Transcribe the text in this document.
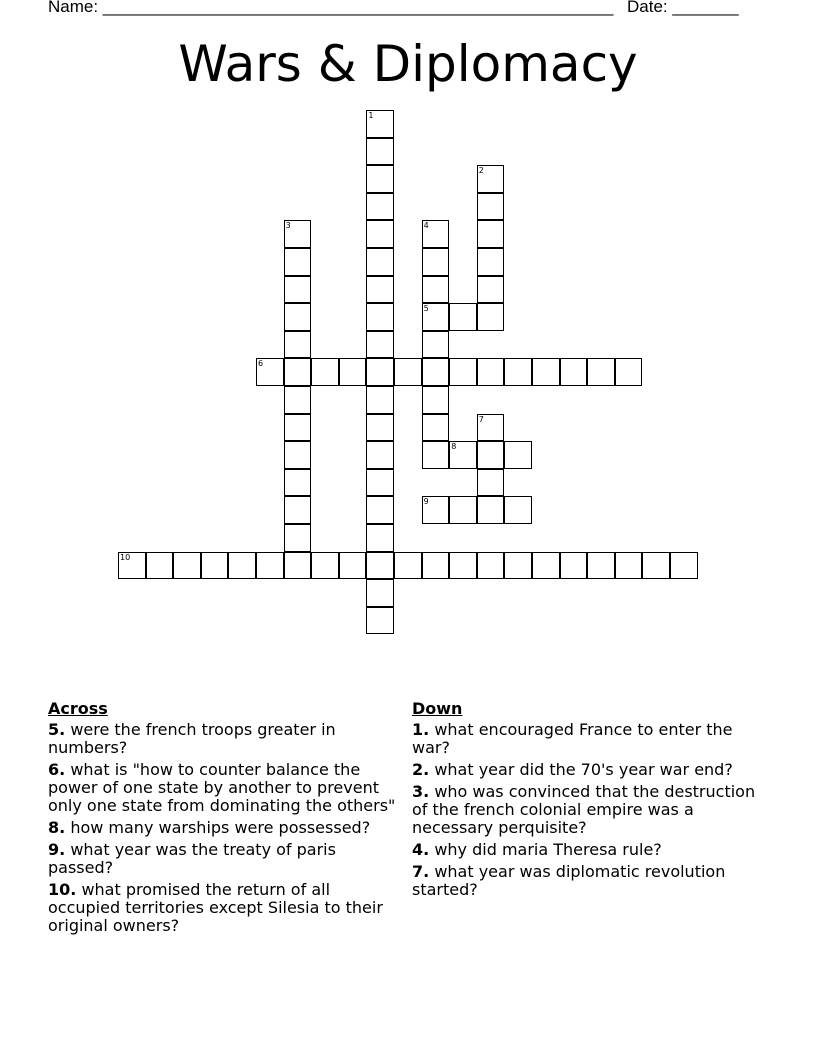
Name: ______________________________________________________ Date: _______
Wars & Diplomacy
1
2
3	4
5
6
7
8
9
10
Across
5. were the french troops greater in numbers?
6. what is "how to counter balance the power of one state by another to prevent only one state from dominating the others"
8. how many warships were possessed?
9. what year was the treaty of paris passed?
10. what promised the return of all occupied territories except Silesia to their original owners?
Down
1. what encouraged France to enter the war?
2. what year did the 70's year war end?
3. who was convinced that the destruction of the french colonial empire was a necessary perquisite?
4. why did maria Theresa rule?
7. what year was diplomatic revolution started?
